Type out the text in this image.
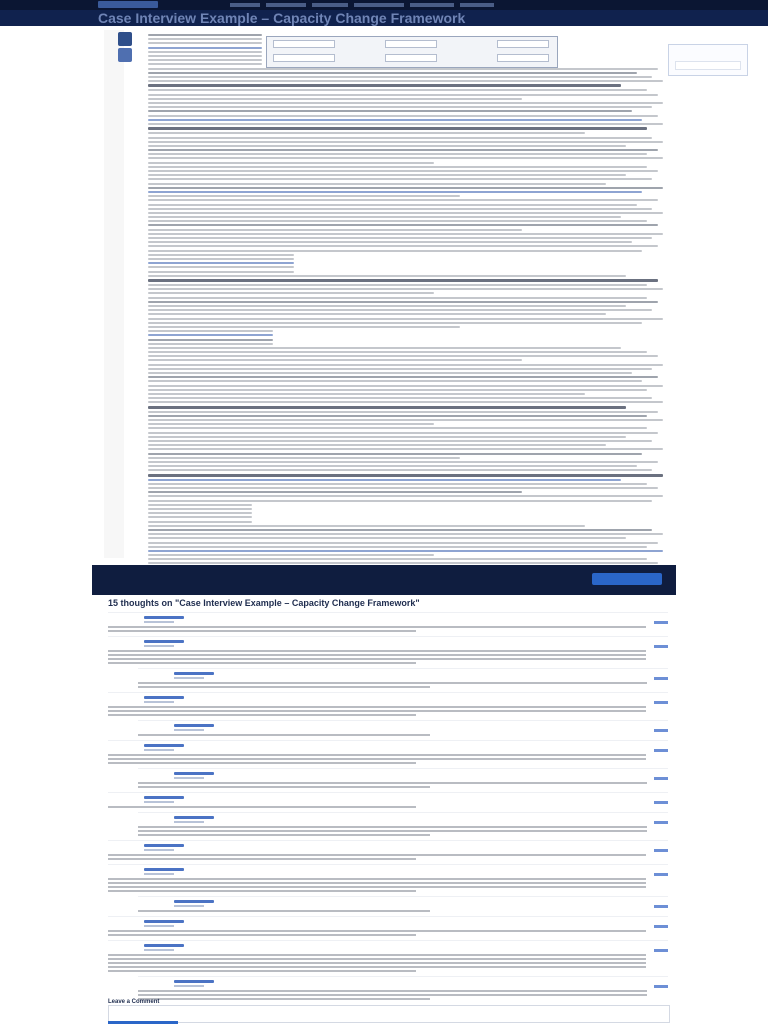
Case Interview Example – Capacity Change Framework
15 thoughts on "Case Interview Example – Capacity Change Framework"
Leave a Comment
